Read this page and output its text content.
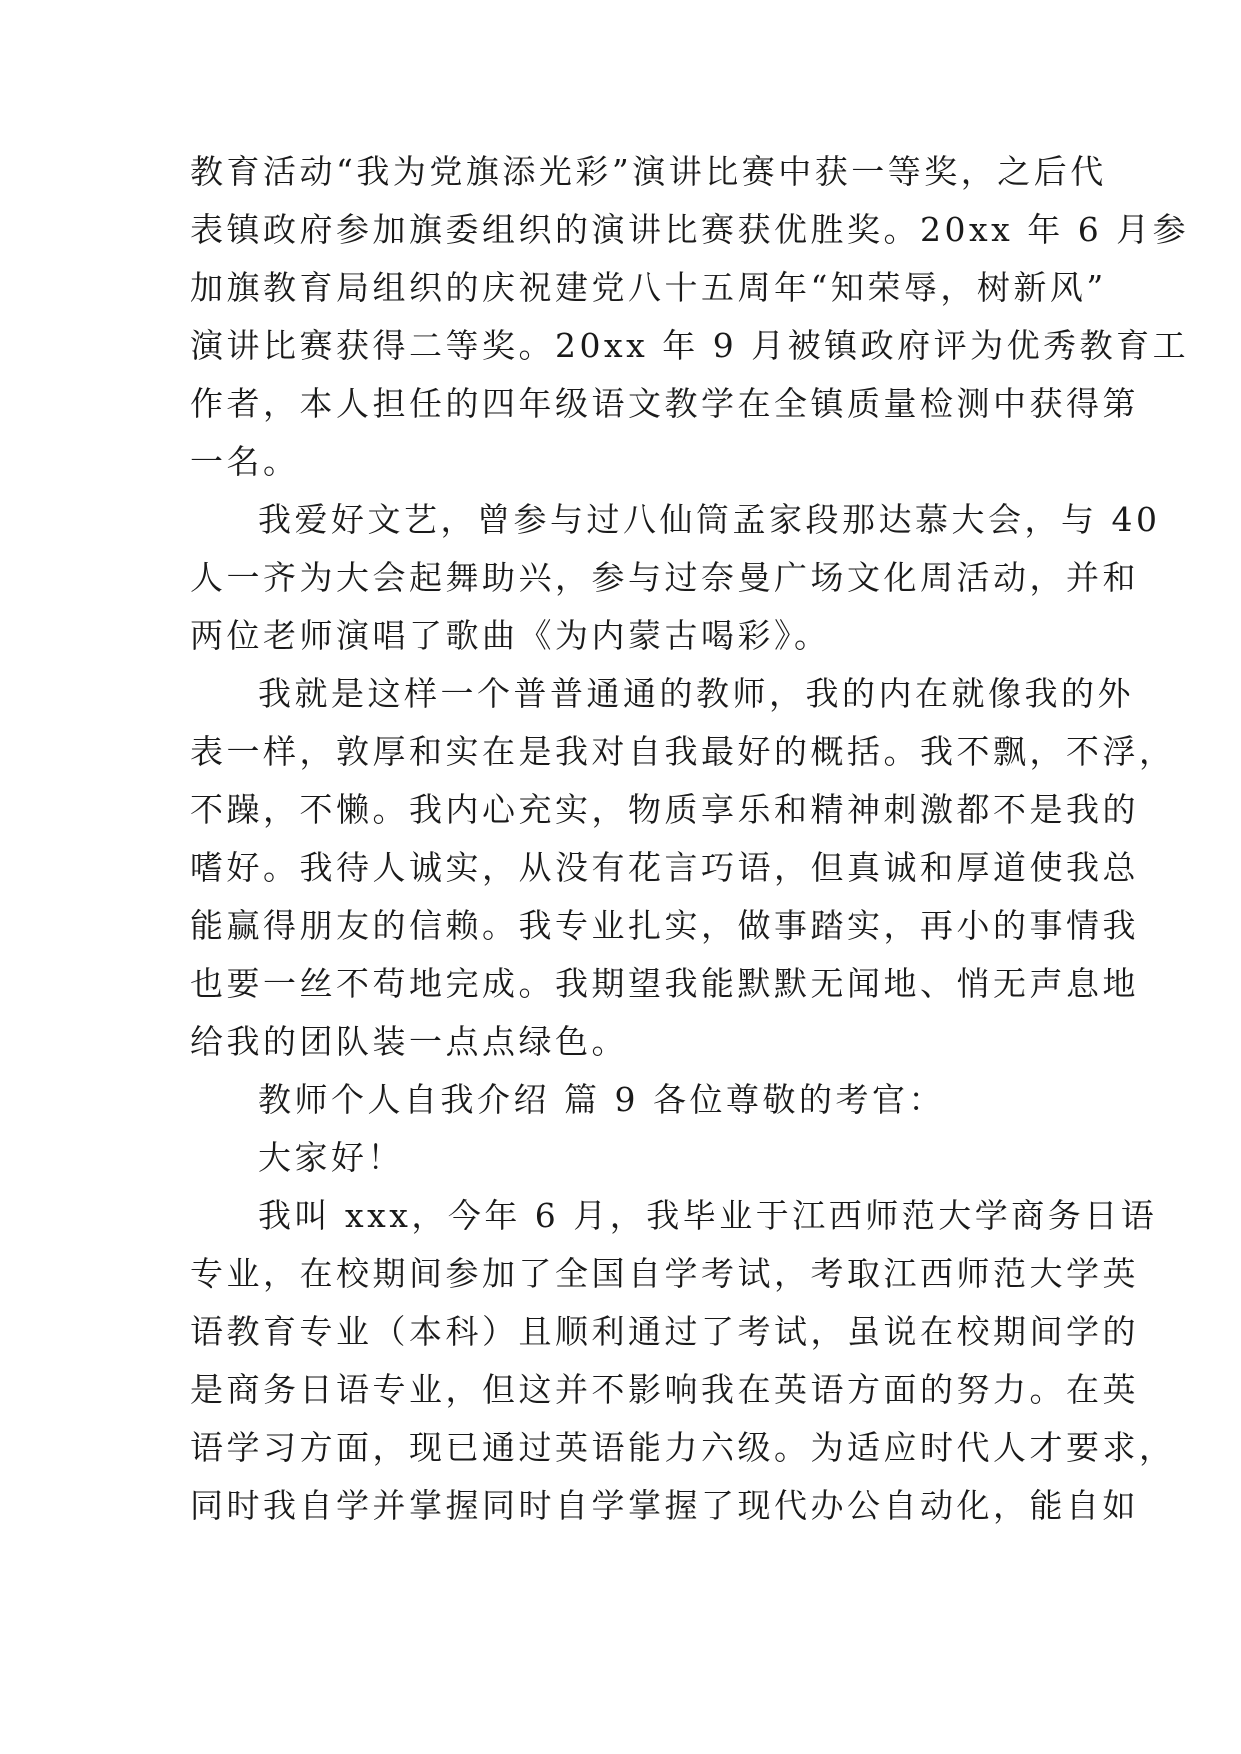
教育活动“我为党旗添光彩”演讲比赛中获一等奖，之后代
表镇政府参加旗委组织的演讲比赛获优胜奖。20xx 年 6 月参
加旗教育局组织的庆祝建党八十五周年“知荣辱，树新风”
演讲比赛获得二等奖。20xx 年 9 月被镇政府评为优秀教育工
作者，本人担任的四年级语文教学在全镇质量检测中获得第
一名。
我爱好文艺，曾参与过八仙筒孟家段那达慕大会，与 40
人一齐为大会起舞助兴，参与过奈曼广场文化周活动，并和
两位老师演唱了歌曲《为内蒙古喝彩》。
我就是这样一个普普通通的教师，我的内在就像我的外
表一样，敦厚和实在是我对自我最好的概括。我不飘，不浮，
不躁，不懒。我内心充实，物质享乐和精神刺激都不是我的
嗜好。我待人诚实，从没有花言巧语，但真诚和厚道使我总
能赢得朋友的信赖。我专业扎实，做事踏实，再小的事情我
也要一丝不苟地完成。我期望我能默默无闻地、悄无声息地
给我的团队装一点点绿色。
教师个人自我介绍 篇 9 各位尊敬的考官：
大家好！
我叫 xxx，今年 6 月，我毕业于江西师范大学商务日语
专业，在校期间参加了全国自学考试，考取江西师范大学英
语教育专业（本科）且顺利通过了考试，虽说在校期间学的
是商务日语专业，但这并不影响我在英语方面的努力。在英
语学习方面，现已通过英语能力六级。为适应时代人才要求，
同时我自学并掌握同时自学掌握了现代办公自动化，能自如
